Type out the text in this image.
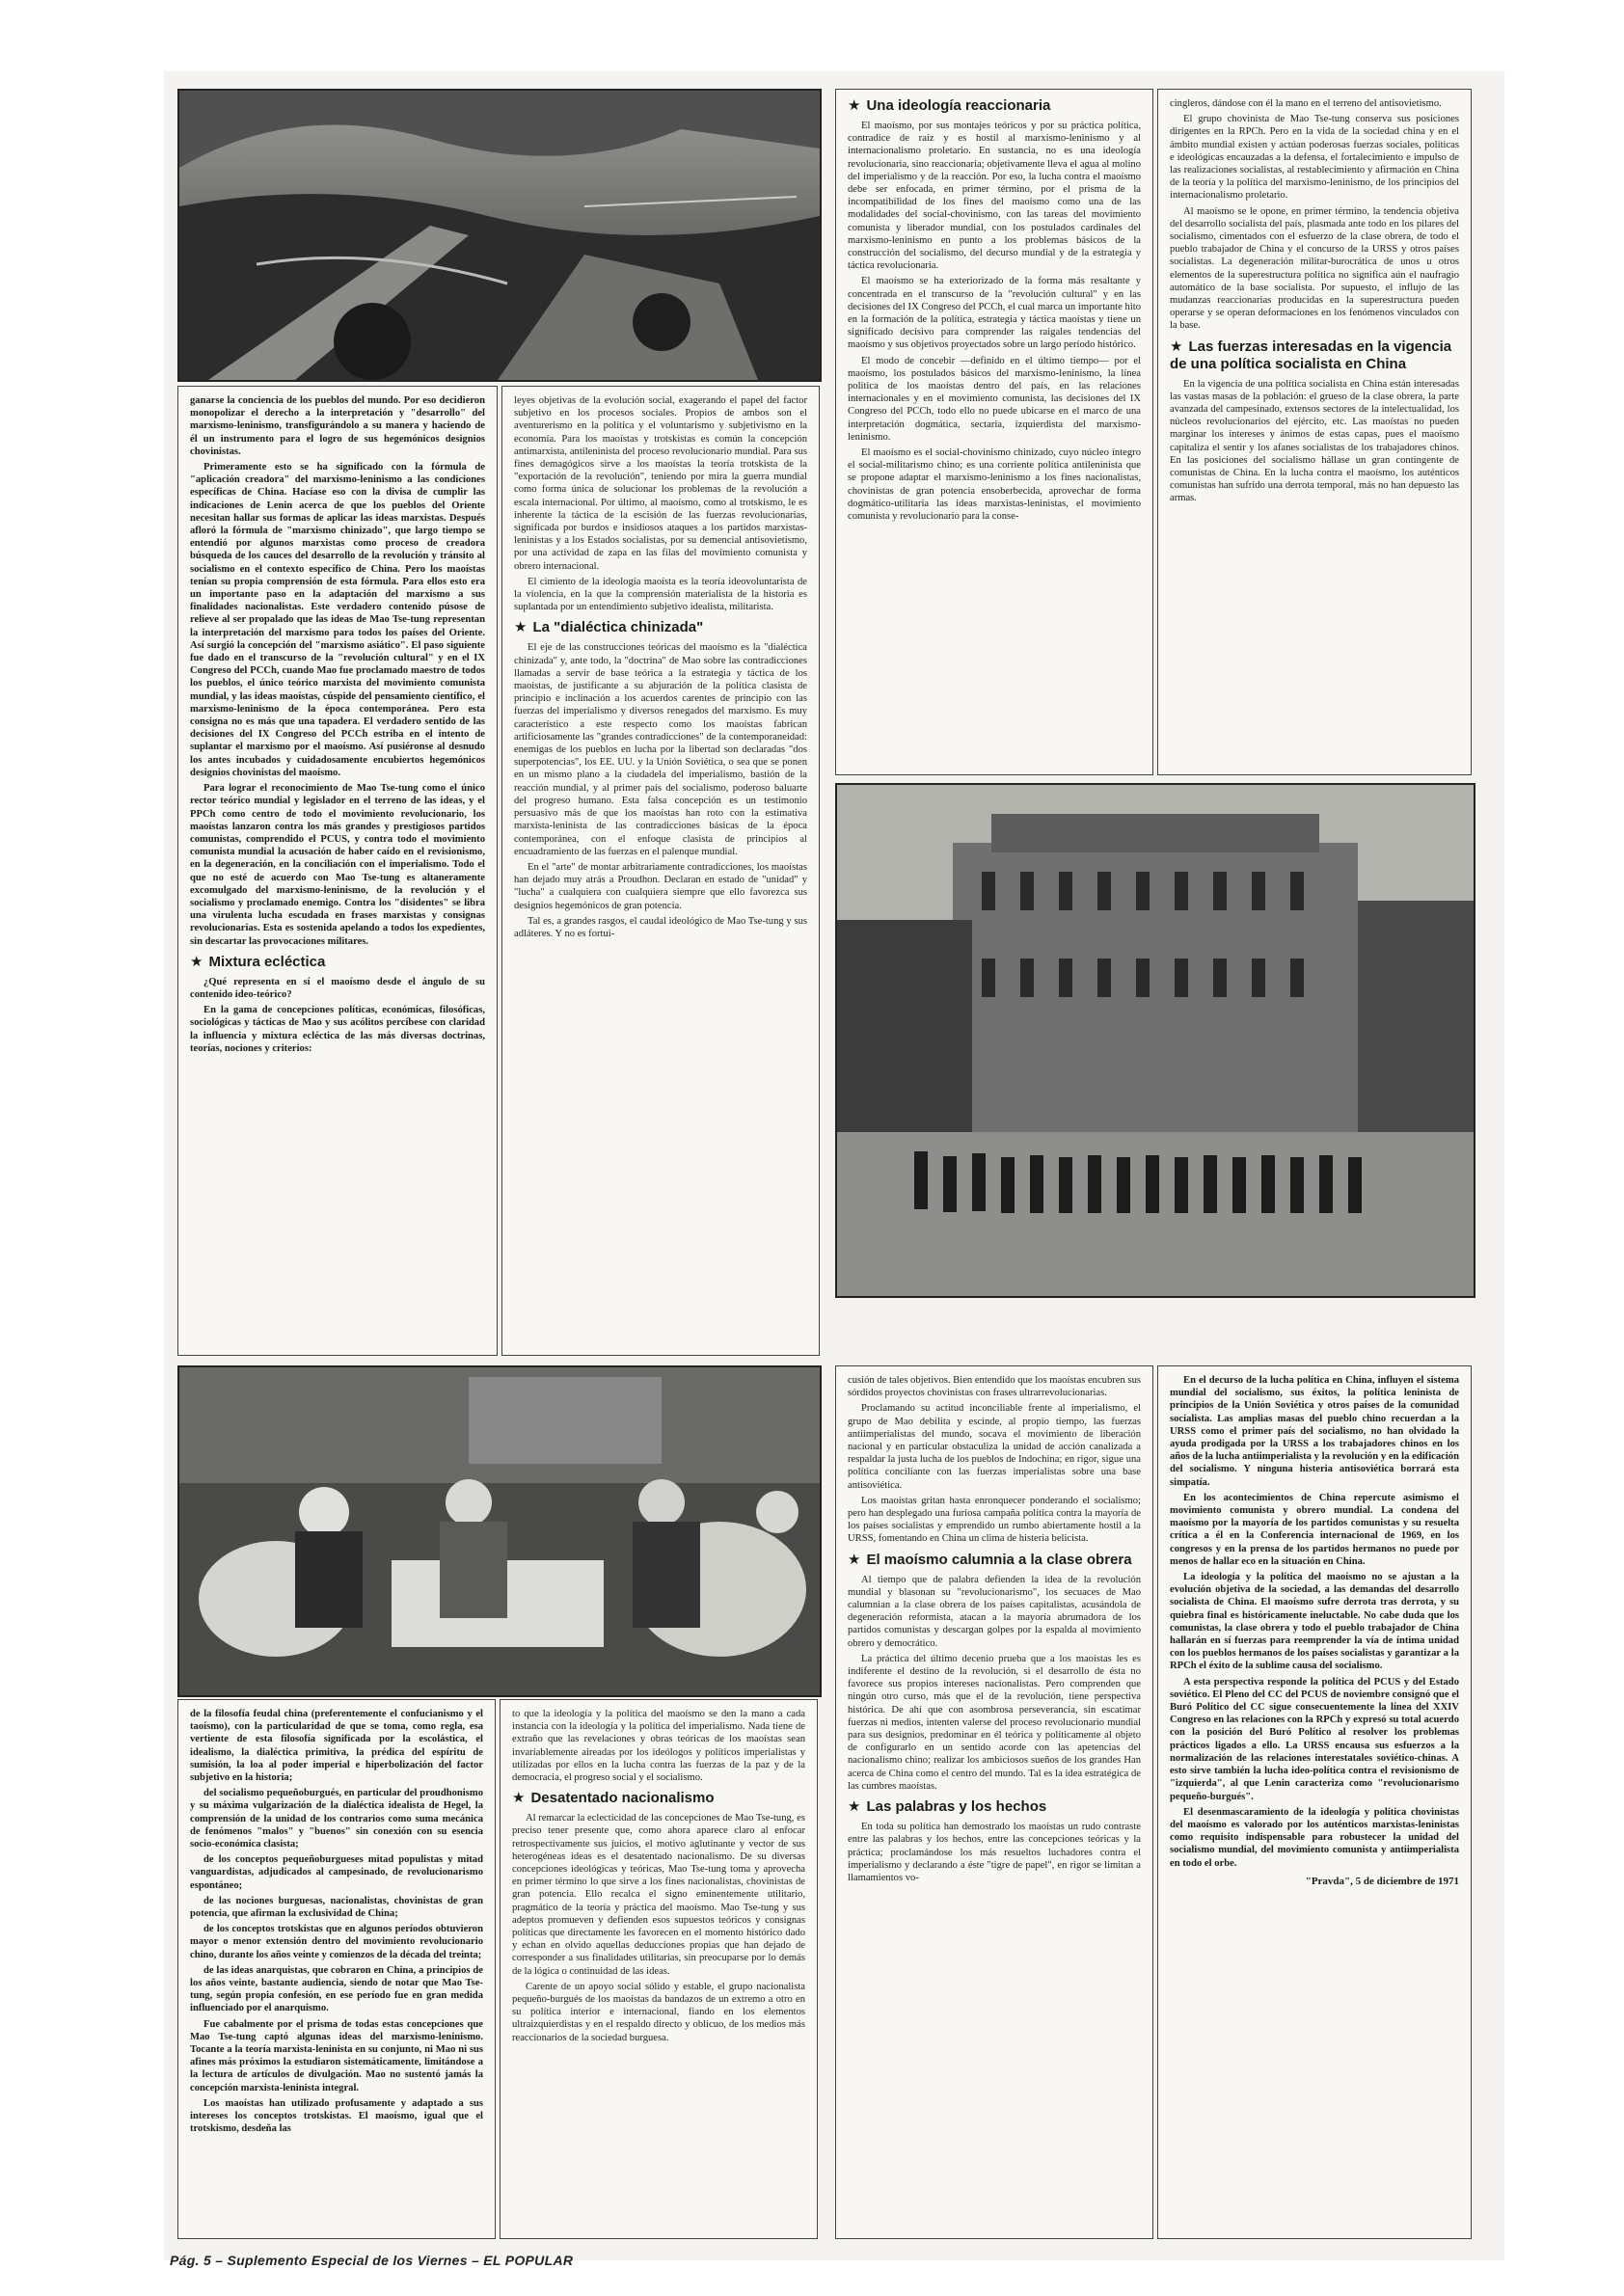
ganarse la conciencia de los pueblos del mundo. Por eso decidieron monopolizar el derecho a la interpretación y "desarrollo" del marxismo-leninismo, transfigurándolo a su manera y haciendo de él un instrumento para el logro de sus hegemónicos designios chovinistas.

Primeramente esto se ha significado con la fórmula de "aplicación creadora" del marxismo-leninismo a las condiciones específicas de China. Hacíase eso con la divisa de cumplir las indicaciones de Lenin acerca de que los pueblos del Oriente necesitan hallar sus formas de aplicar las ideas marxistas. Después afloró la fórmula de "marxismo chinizado", que largo tiempo se entendió por algunos marxistas como proceso de creadora búsqueda de los cauces del desarrollo de la revolución y tránsito al socialismo en el contexto específico de China. Pero los maoístas tenían su propia comprensión de esta fórmula. Para ellos esto era un importante paso en la adaptación del marxismo a sus finalidades nacionalistas. Este verdadero contenido púsose de relieve al ser propalado que las ideas de Mao Tse-tung representan la interpretación del marxismo para todos los países del Oriente. Así surgió la concepción del "marxismo asiático". El paso siguiente fue dado en el transcurso de la "revolución cultural" y en el IX Congreso del PCCh, cuando Mao fue proclamado maestro de todos los pueblos, el único teórico marxista del movimiento comunista mundial, y las ideas maoístas, cúspide del pensamiento científico, el marxismo-leninismo de la época contemporánea. Pero esta consigna no es más que una tapadera. El verdadero sentido de las decisiones del IX Congreso del PCCh estriba en el intento de suplantar el marxismo por el maoísmo. Así pusiéronse al desnudo los antes incubados y cuidadosamente encubiertos hegemónicos designios chovinistas del maoísmo.

Para lograr el reconocimiento de Mao Tse-tung como el único rector teórico mundial y legislador en el terreno de las ideas, y el PPCh como centro de todo el movimiento revolucionario, los maoístas lanzaron contra los más grandes y prestigiosos partidos comunistas, comprendido el PCUS, y contra todo el movimiento comunista mundial la acusación de haber caído en el revisionismo, en la degeneración, en la conciliación con el imperialismo. Todo el que no esté de acuerdo con Mao Tse-tung es altaneramente excomulgado del marxismo-leninismo, de la revolución y el socialismo y proclamado enemigo. Contra los "disidentes" se libra una virulenta lucha escudada en frases marxistas y consignas revolucionarias. Esta es sostenida apelando a todos los expedientes, sin descartar las provocaciones militares.

★ Mixtura ecléctica

¿Qué representa en sí el maoísmo desde el ángulo de su contenido ideo-teórico?

En la gama de concepciones políticas, económicas, filosóficas, sociológicas y tácticas de Mao y sus acólitos percíbese con claridad la influencia y mixtura ecléctica de las más diversas doctrinas, teorías, nociones y criterios:

leyes objetivas de la evolución social, exagerando el papel del factor subjetivo en los procesos sociales. Propios de ambos son el aventurerismo en la política y el voluntarismo y subjetivismo en la economía. Para los maoístas y trotskistas es común la concepción antimarxista, antileninista del proceso revolucionario mundial. Para sus fines demagógicos sirve a los maoístas la teoría trotskista de la "exportación de la revolución", teniendo por mira la guerra mundial como forma única de solucionar los problemas de la revolución a escala internacional. Por último, al maoísmo, como al trotskismo, le es inherente la táctica de la escisión de las fuerzas revolucionarias, significada por burdos e insidiosos ataques a los partidos marxistas-leninistas y a los Estados socialistas, por su demencial antisovietismo, por una actividad de zapa en las filas del movimiento comunista y obrero internacional.

El cimiento de la ideología maoísta es la teoría ideovoluntarista de la violencia, en la que la comprensión materialista de la historia es suplantada por un entendimiento subjetivo idealista, militarista.

★ La "dialéctica chinizada"

El eje de las construcciones teóricas del maoísmo es la "dialéctica chinizada" y, ante todo, la "doctrina" de Mao sobre las contradicciones llamadas a servir de base teórica a la estrategia y táctica de los maoístas, de justificante a su abjuración de la política clasista de principio e inclinación a los acuerdos carentes de principio con las fuerzas del imperialismo y diversos renegados del marxismo. Es muy característico a este respecto como los maoístas fabrican artificiosamente las "grandes contradicciones" de la contemporaneidad: enemigas de los pueblos en lucha por la libertad son declaradas "dos superpotencias", los EE. UU. y la Unión Soviética, o sea que se ponen en un mismo plano a la ciudadela del imperialismo, bastión de la reacción mundial, y al primer país del socialismo, poderoso baluarte del progreso humano. Esta falsa concepción es un testimonio persuasivo más de que los maoístas han roto con la estimativa marxista-leninista de las contradicciones básicas de la época contemporánea, con el enfoque clasista de principios al encuadramiento de las fuerzas en el palenque mundial.

En el "arte" de montar arbitrariamente contradicciones, los maoístas han dejado muy atrás a Proudhon. Declaran en estado de "unidad" y "lucha" a cualquiera con cualquiera siempre que ello favorezca sus designios hegemónicos de gran potencia.

Tal es, a grandes rasgos, el caudal ideológico de Mao Tse-tung y sus adláteres. Y no es fortui-

★ Una ideología reaccionaria

El maoísmo, por sus montajes teóricos y por su práctica política, contradice de raíz y es hostil al marxismo-leninismo y al internacionalismo proletario. En sustancia, no es una ideología revolucionaria, sino reaccionaria; objetivamente lleva el agua al molino del imperialismo y de la reacción. Por eso, la lucha contra el maoísmo debe ser enfocada, en primer término, por el prisma de la incompatibilidad de los fines del maoísmo como una de las modalidades del social-chovinismo, con las tareas del movimiento comunista y liberador mundial, con los postulados cardinales del marxismo-leninismo en punto a los problemas básicos de la construcción del socialismo, del decurso mundial y de la estrategia y táctica revolucionaria.

El maoísmo se ha exteriorizado de la forma más resaltante y concentrada en el transcurso de la "revolución cultural" y en las decisiones del IX Congreso del PCCh, el cual marca un importante hito en la formación de la política, estrategia y táctica maoístas y tiene un significado decisivo para comprender las raigales tendencias del maoísmo y sus objetivos proyectados sobre un largo período histórico.

El modo de concebir —definido en el último tiempo— por el maoísmo, los postulados básicos del marxismo-leninismo, la línea política de los maoístas dentro del país, en las relaciones internacionales y en el movimiento comunista, las decisiones del IX Congreso del PCCh, todo ello no puede ubicarse en el marco de una interpretación dogmática, sectaria, izquierdista del marxismo-leninismo.

El maoísmo es el social-chovinismo chinizado, cuyo núcleo íntegro el social-militarismo chino; es una corriente política antileninista que se propone adaptar el marxismo-leninismo a los fines nacionalistas, chovinistas de gran potencia ensoberbecida, aprovechar de forma dogmático-utilitaria las ideas marxistas-leninistas, el movimiento comunista y revolucionario para la conse-

cingleros, dándose con él la mano en el terreno del antisovietismo.

El grupo chovinista de Mao Tse-tung conserva sus posiciones dirigentes en la RPCh. Pero en la vida de la sociedad china y en el ámbito mundial existen y actúan poderosas fuerzas sociales, políticas e ideológicas encauzadas a la defensa, el fortalecimiento e impulso de las realizaciones socialistas, al restablecimiento y afirmación en China de la teoría y la política del marxismo-leninismo, de los principios del internacionalismo proletario.

Al maoísmo se le opone, en primer término, la tendencia objetiva del desarrollo socialista del país, plasmada ante todo en los pilares del socialismo, cimentados con el esfuerzo de la clase obrera, de todo el pueblo trabajador de China y el concurso de la URSS y otros países socialistas. La degeneración militar-burocrática de unos u otros elementos de la superestructura política no significa aún el naufragio automático de la base socialista. Por supuesto, el influjo de las mudanzas reaccionarias producidas en la superestructura pueden operarse y se operan deformaciones en los fenómenos vinculados con la base.

★ Las fuerzas interesadas en la vigencia de una política socialista en China

En la vigencia de una política socialista en China están interesadas las vastas masas de la población: el grueso de la clase obrera, la parte avanzada del campesinado, extensos sectores de la intelectualidad, los núcleos revolucionarios del ejército, etc. Las maoístas no pueden marginar los intereses y ánimos de estas capas, pues el maoísmo capitaliza el sentir y los afanes socialistas de los trabajadores chinos. En las posiciones del socialismo hállase un gran contingente de comunistas de China. En la lucha contra el maoísmo, los auténticos comunistas han sufrido una derrota temporal, más no han depuesto las armas.

de la filosofía feudal china (preferentemente el confucianismo y el taoísmo), con la particularidad de que se toma, como regla, esa vertiente de esta filosofía significada por la escolástica, el idealismo, la dialéctica primitiva, la prédica del espíritu de sumisión, la loa al poder imperial e hiperbolización del factor subjetivo en la historia;

del socialismo pequeñoburgués, en particular del proudhonismo y su máxima vulgarización de la dialéctica idealista de Hegel, la comprensión de la unidad de los contrarios como suma mecánica de fenómenos "malos" y "buenos" sin conexión con su esencia socio-económica clasista;

de los conceptos pequeñoburgueses mitad populistas y mitad vanguardistas, adjudicados al campesinado, de revolucionarismo espontáneo;

de las nociones burguesas, nacionalistas, chovinistas de gran potencia, que afirman la exclusividad de China;

de los conceptos trotskistas que en algunos períodos obtuvieron mayor o menor extensión dentro del movimiento revolucionario chino, durante los años veinte y comienzos de la década del treinta;

de las ideas anarquistas, que cobraron en China, a principios de los años veinte, bastante audiencia, siendo de notar que Mao Tse-tung, según propia confesión, en ese período fue en gran medida influenciado por el anarquismo.

Fue cabalmente por el prisma de todas estas concepciones que Mao Tse-tung captó algunas ideas del marxismo-leninismo. Tocante a la teoría marxista-leninista en su conjunto, ni Mao ni sus afines más próximos la estudiaron sistemáticamente, limitándose a la lectura de artículos de divulgación. Mao no sustentó jamás la concepción marxista-leninista integral.

Los maoístas han utilizado profusamente y adaptado a sus intereses los conceptos trotskistas. El maoísmo, igual que el trotskismo, desdeña las

to que la ideología y la política del maoísmo se den la mano a cada instancia con la ideología y la política del imperialismo. Nada tiene de extraño que las revelaciones y obras teóricas de los maoístas sean invariablemente aireadas por los ideólogos y políticos imperialistas y utilizadas por ellos en la lucha contra las fuerzas de la paz y de la democracia, el progreso social y el socialismo.

★ Desatentado nacionalismo

Al remarcar la eclecticidad de las concepciones de Mao Tse-tung, es preciso tener presente que, como ahora aparece claro al enfocar retrospectivamente sus juicios, el motivo aglutinante y vector de sus heterogéneas ideas es el desatentado nacionalismo. De su diversas concepciones ideológicas y teóricas, Mao Tse-tung toma y aprovecha en primer término lo que sirve a los fines nacionalistas, chovinistas de gran potencia. Ello recalca el signo eminentemente utilitario, pragmático de la teoría y práctica del maoísmo. Mao Tse-tung y sus adeptos promueven y defienden esos supuestos teóricos y consignas políticas que directamente les favorecen en el momento histórico dado y echan en olvido aquellas deducciones propias que han dejado de corresponder a sus finalidades utilitarias, sin preocuparse por lo demás de la lógica o continuidad de las ideas.

Carente de un apoyo social sólido y estable, el grupo nacionalista pequeño-burgués de los maoístas da bandazos de un extremo a otro en su política interior e internacional, fiando en los elementos ultraizquierdistas y en el respaldo directo y oblicuo, de los medios más reaccionarios de la sociedad burguesa.

cusión de tales objetivos. Bien entendido que los maoístas encubren sus sórdidos proyectos chovinistas con frases ultrarrevolucionarias.

Proclamando su actitud inconciliable frente al imperialismo, el grupo de Mao debilita y escinde, al propio tiempo, las fuerzas antiimperialistas del mundo, socava el movimiento de liberación nacional y en particular obstaculiza la unidad de acción canalizada a respaldar la justa lucha de los pueblos de Indochina; en rigor, sigue una política conciliante con las fuerzas imperialistas sobre una base antisoviética.

Los maoístas gritan hasta enronquecer ponderando el socialismo; pero han desplegado una furiosa campaña política contra la mayoría de los países socialistas y emprendido un rumbo abiertamente hostil a la URSS, fomentando en China un clima de histeria belicista.

★ El maoísmo calumnia a la clase obrera

Al tiempo que de palabra defienden la idea de la revolución mundial y blasonan su "revolucionarismo", los secuaces de Mao calumnian a la clase obrera de los países capitalistas, acusándola de degeneración reformista, atacan a la mayoría abrumadora de los partidos comunistas y descargan golpes por la espalda al movimiento obrero y democrático.

La práctica del último decenio prueba que a los maoístas les es indiferente el destino de la revolución, si el desarrollo de ésta no favorece sus propios intereses nacionalistas. Pero comprenden que ningún otro curso, más que el de la revolución, tiene perspectiva histórica. De ahí que con asombrosa perseverancia, sin escatimar fuerzas ni medios, intenten valerse del proceso revolucionario mundial para sus designios, predominar en él teórica y políticamente al objeto de configurarlo en un sentido acorde con las apetencias del nacionalismo chino; realizar los ambiciosos sueños de los grandes Han acerca de China como el centro del mundo. Tal es la idea estratégica de las cumbres maoístas.

★ Las palabras y los hechos

En toda su política han demostrado los maoístas un rudo contraste entre las palabras y los hechos, entre las concepciones teóricas y la práctica; proclamándose los más resueltos luchadores contra el imperialismo y declarando a éste "tigre de papel", en rigor se limitan a llamamientos vo-

En el decurso de la lucha política en China, influyen el sistema mundial del socialismo, sus éxitos, la política leninista de principios de la Unión Soviética y otros países de la comunidad socialista. Las amplias masas del pueblo chino recuerdan a la URSS como el primer país del socialismo, no han olvidado la ayuda prodigada por la URSS a los trabajadores chinos en los años de la lucha antiimperialista y la revolución y en la edificación del socialismo. Y ninguna histeria antisoviética borrará esta simpatía.

En los acontecimientos de China repercute asimismo el movimiento comunista y obrero mundial. La condena del maoísmo por la mayoría de los partidos comunistas y su resuelta crítica a él en la Conferencia internacional de 1969, en los congresos y en la prensa de los partidos hermanos no puede por menos de hallar eco en la situación en China.

La ideología y la política del maoísmo no se ajustan a la evolución objetiva de la sociedad, a las demandas del desarrollo socialista de China. El maoísmo sufre derrota tras derrota, y su quiebra final es históricamente ineluctable. No cabe duda que los comunistas, la clase obrera y todo el pueblo trabajador de China hallarán en sí fuerzas para reemprender la vía de íntima unidad con los pueblos hermanos de los países socialistas y garantizar a la RPCh el éxito de la sublime causa del socialismo.

A esta perspectiva responde la política del PCUS y del Estado soviético. El Pleno del CC del PCUS de noviembre consignó que el Buró Político del CC sigue consecuentemente la línea del XXIV Congreso en las relaciones con la RPCh y expresó su total acuerdo con la posición del Buró Político al resolver los problemas prácticos ligados a ello. La URSS encausa sus esfuerzos a la normalización de las relaciones interestatales soviético-chinas. A esto sirve también la lucha ideo-política contra el revisionismo de "izquierda", al que Lenin caracteriza como "revolucionarismo pequeño-burgués".

El desenmascaramiento de la ideología y política chovinistas del maoísmo es valorado por los auténticos marxistas-leninistas como requisito indispensable para robustecer la unidad del socialismo mundial, del movimiento comunista y antiimperialista en todo el orbe.

"Pravda", 5 de diciembre de 1971
Pág. 5 – Suplemento Especial de los Viernes – EL POPULAR
